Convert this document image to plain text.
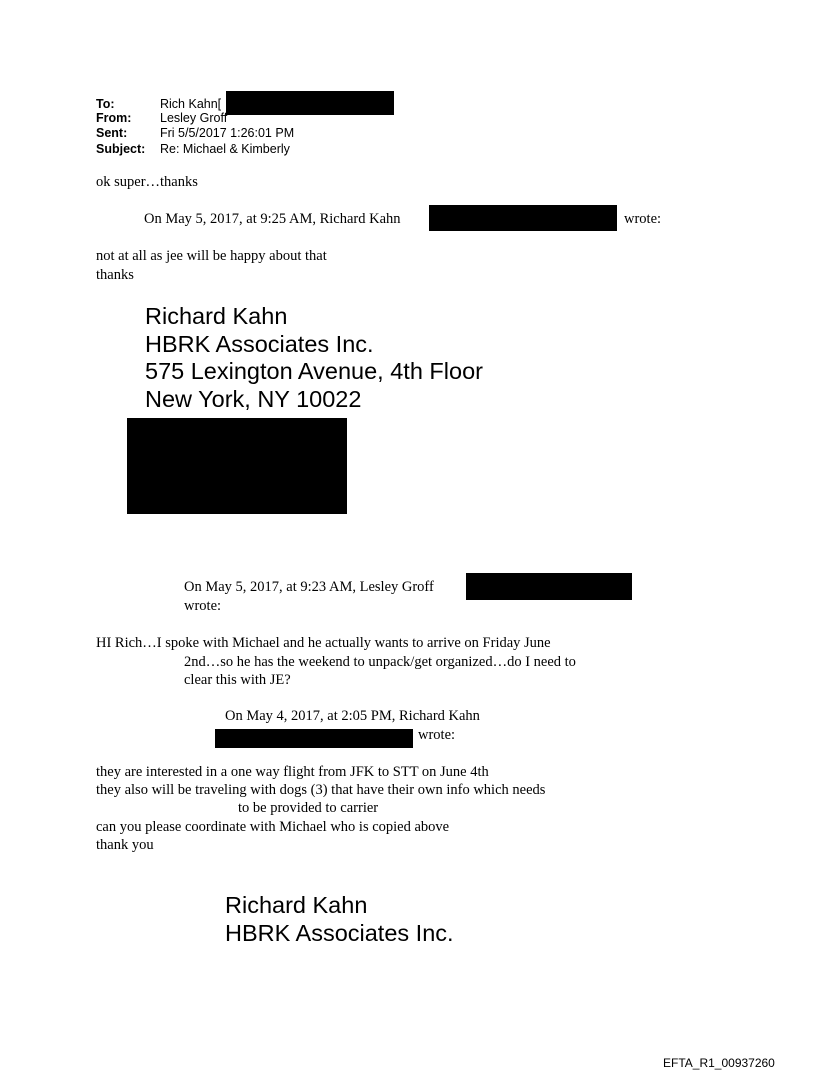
To:	Rich Kahn[
From: Lesley Groff
Sent:	Fri 5/5/2017 1:26:01 PM
Subject: Re: Michael & Kimberly
ok super…thanks
On May 5, 2017, at 9:25 AM, Richard Kahn	wrote:
not at all as jee will be happy about that
thanks
Richard Kahn
HBRK Associates Inc.
575 Lexington Avenue, 4th Floor
New York, NY 10022
On May 5, 2017, at 9:23 AM, Lesley Groff
wrote:
HI Rich…I spoke with Michael and he actually wants to arrive on Friday June
2nd…so he has the weekend to unpack/get organized…do I need to
clear this with JE?
On May 4, 2017, at 2:05 PM, Richard Kahn
wrote:
they are interested in a one way flight from JFK to STT on June 4th
they also will be traveling with dogs (3) that have their own info which needs
to be provided to carrier
can you please coordinate with Michael who is copied above
thank you
Richard Kahn
HBRK Associates Inc.
EFTA_R1_00937260
